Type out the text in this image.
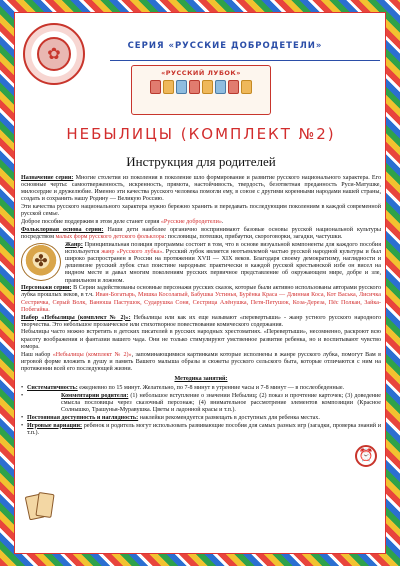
✿	СЕРИЯ «РУССКИЕ ДОБРОДЕТЕЛИ»
«РУССКИЙ ЛУБОК»
НЕБЫЛИЦЫ (КОМПЛЕКТ №2)
Инструкция для родителей

Назначение серии: Многие столетия из поколения в поколение шло формирование и развитие русского национального характера. Его основные черты: самоотверженность, искренность, прямота, настойчивость, твердость, безответная преданность Руси-Матушке, милосердие и дружелюбие. Именно эти качества русского человека помогли ему, в союзе с другими коренными народами нашей страны, создать и сохранить нашу Родину — Великую Россию.

Эти качества русского национального характера нужно бережно хранить и передавать последующим поколениям в каждой современной русской семье.

Доброе пособие поддержим в этом деле станет серия «Русские добродетели».

Фольклорная основа серии: Наши дети наиболее органично воспринимают базовые основы русской национальной культуры посредством малых форм русского детского фольклора: пословицы, потешки, прибаутки, скороговорки, загадки, частушки.

✤
Жанр: Принципиальная позиция программы состоит в том, что в основе визуальной компоненты для каждого пособия используется жанр «Русского лубка». Русский лубок является неотъемлемой частью русской народной культуры и был широко распространен в России на протяжении XVII — XIX веков. Благодаря своему демократизму, наглядности и дешевизне русский лубок стал поистине народным: практически в каждой русской крестьянской избе он висел на видном месте и давал многим поколениям русских первичное представление об окружающем мире, добре и зле, правильном и ложном.

Персонажи серии: В Серии задействованы основные персонажи русских сказок, которые были активно использованы авторами русского лубка прошлых веков, в т.ч. Иван-Богатырь, Мишка Косолапый, Бабушка Устинья, Бурёнка Краса — Длинная Коса, Кот Васька, Лисичка Сестричка, Серый Волк, Ванюша Пастушок, Сударушка Соня, Сестрица Алёнушка, Петя-Петушок, Коза-Дереза, Пёс Полкан, Зайка-Побегайка.

Набор «Небылицы (комплект № 2)»: Небылицы или как их еще называют «перевертыши» - жанр устного русского народного творчества. Это небольшое прозаическое или стихотворное повествование комического содержания.

Небылицы часто можно встретить в детских писателей в русских народных хрестоматиях. «Перевертыши», несомненно, раскроют всю красоту воображения и фантазии вашего чада. Они не только стимулируют умственное развитие ребенка, но и воспитывают чувство юмора.

Наш набор «Небылицы (комплект № 2)», запоминающимися картинками которые исполнены в жанре русского лубка, помогут Вам в игровой форме вложить в душу и память Вашего малыша образы и сюжеты русского сельского быта, которые отличаются с ним на протяжении всей его последующей жизни.

Методика занятий:

• Систематичность: ежедневно по 15 минут. Желательно, по 7-8 минут в утренние часы и 7-8 минут — в послеобеденные.

• Комментарии родителя: (1) небольшое вступление о значении Небылиц; (2) показ и прочтение карточек; (3) доведение смысла пословицы через сказочный персонаж; (4) внимательное рассмотрение элементов композиции (Красное Солнышко, Трашунья-Муравушка. Цветы и ладонной красы и т.п.).

• Постоянная доступность и наглядность: наклейки рекомендуется размещать в доступных для ребенка местах.

• Игровые вариации: ребенок и родитель могут использовать развивающие пособия для самых разных игр (загадки, проверка знаний и т.п.).

⏰
